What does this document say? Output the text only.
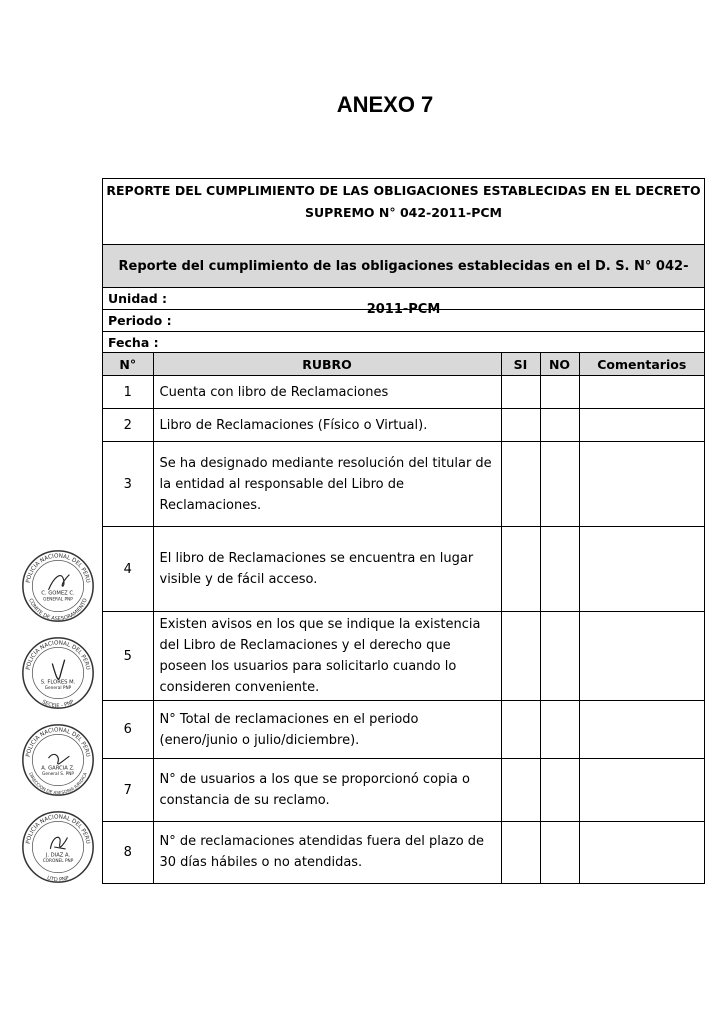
ANEXO 7
REPORTE DEL CUMPLIMIENTO DE LAS OBLIGACIONES ESTABLECIDAS EN EL DECRETO
SUPREMO N° 042-2011-PCM
Reporte del cumplimiento de las obligaciones establecidas en el D. S. N° 042-2011-PCM
Unidad :
Periodo :
Fecha :
N°	RUBRO	SI	NO	Comentarios
1	Cuenta con libro de Reclamaciones			
2	Libro de Reclamaciones (Físico o Virtual).			
3	Se ha designado mediante resolución del titular de la entidad al responsable del Libro de Reclamaciones.			
4	El libro de Reclamaciones se encuentra en lugar visible y de fácil acceso.			
5	Existen avisos en los que se indique la existencia del Libro de Reclamaciones y el derecho que poseen los usuarios para solicitarlo cuando lo consideren conveniente.			
6	N° Total de reclamaciones en el periodo (enero/junio o julio/diciembre).			
7	N° de usuarios a los que se proporcionó copia o constancia de su reclamo.			
8	N° de reclamaciones atendidas fuera del plazo de 30 días hábiles o no atendidas.			
POLICIA NACIONAL DEL PERU
COMITE DE ASESORAMIENTO
C. GOMEZ C.
GENERAL PNP
POLICIA NACIONAL DEL PERU
SECEJE - PNP
S. FLORES M.
General PNP
POLICIA NACIONAL DEL PERU
DIRECCION DE ASESORIA JURIDICA
A. GARCIA Z.
General S. PNP
POLICIA NACIONAL DEL PERU
UTD PNP
J. DIAZ A.
CORONEL PNP
